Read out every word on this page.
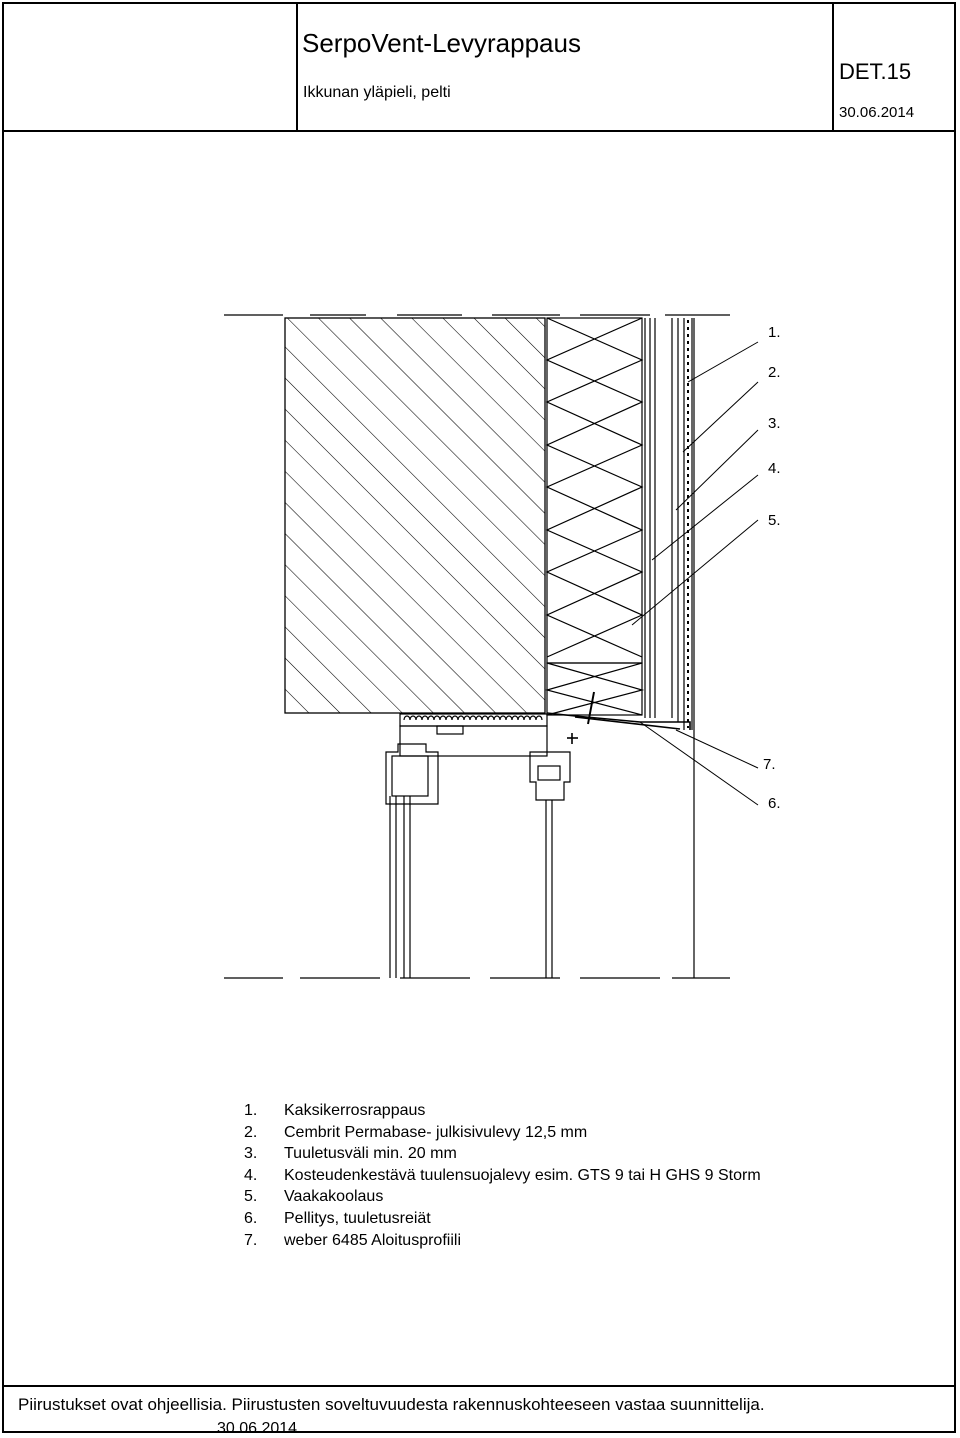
SerpoVent-Levyrappaus
Ikkunan yläpieli, pelti
DET.15
30.06.2014
1.
2.
3.
4.
5.
7.
6.
1.	Kaksikerrosrappaus
2.	Cembrit Permabase- julkisivulevy 12,5 mm
3.	Tuuletusväli min. 20 mm
4.	Kosteudenkestävä tuulensuojalevy esim. GTS 9 tai H GHS 9 Storm
5.	Vaakakoolaus
6.	Pellitys, tuuletusreiät
7.	weber 6485 Aloitusprofiili
Piirustukset ovat ohjeellisia. Piirustusten soveltuvuudesta rakennuskohteeseen vastaa suunnittelija.
30.06.2014
